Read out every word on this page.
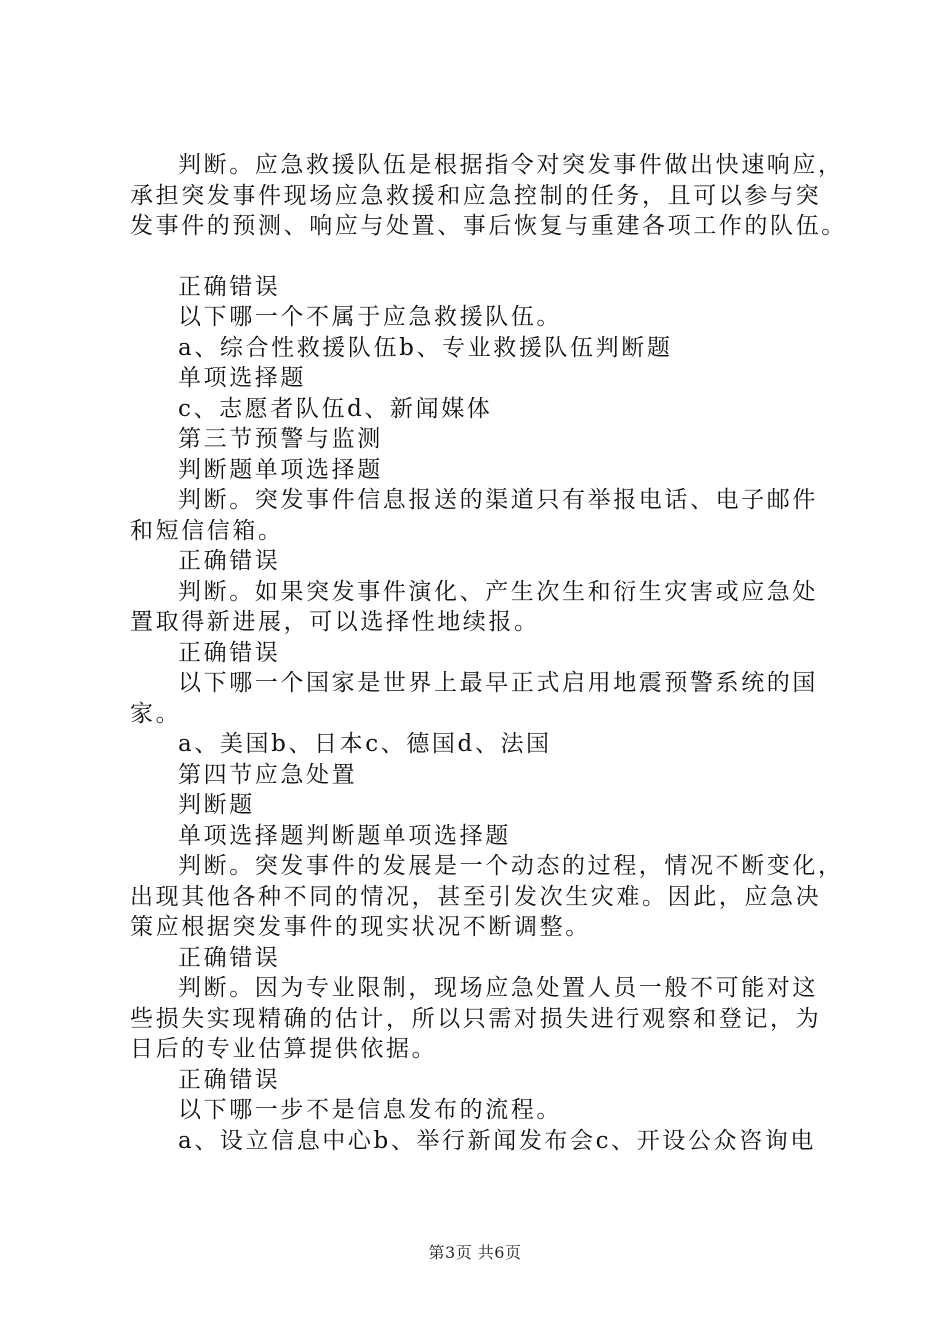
判断。应急救援队伍是根据指令对突发事件做出快速响应，
承担突发事件现场应急救援和应急控制的任务，且可以参与突
发事件的预测、响应与处置、事后恢复与重建各项工作的队伍。
正确错误
以下哪一个不属于应急救援队伍。
a、综合性救援队伍b、专业救援队伍判断题
单项选择题
c、志愿者队伍d、新闻媒体
第三节预警与监测
判断题单项选择题
判断。突发事件信息报送的渠道只有举报电话、电子邮件
和短信信箱。
正确错误
判断。如果突发事件演化、产生次生和衍生灾害或应急处
置取得新进展，可以选择性地续报。
正确错误
以下哪一个国家是世界上最早正式启用地震预警系统的国
家。
a、美国b、日本c、德国d、法国
第四节应急处置
判断题
单项选择题判断题单项选择题
判断。突发事件的发展是一个动态的过程，情况不断变化，
出现其他各种不同的情况，甚至引发次生灾难。因此，应急决
策应根据突发事件的现实状况不断调整。
正确错误
判断。因为专业限制，现场应急处置人员一般不可能对这
些损失实现精确的估计，所以只需对损失进行观察和登记，为
日后的专业估算提供依据。
正确错误
以下哪一步不是信息发布的流程。
a、设立信息中心b、举行新闻发布会c、开设公众咨询电
第3页 共6页
